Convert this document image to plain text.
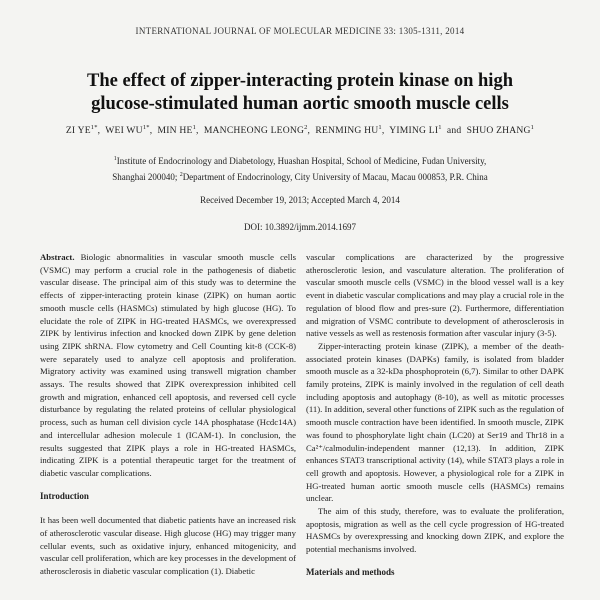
INTERNATIONAL JOURNAL OF MOLECULAR MEDICINE 33: 1305-1311, 2014
The effect of zipper-interacting protein kinase on high
glucose-stimulated human aortic smooth muscle cells
ZI $YE^{1*}$,  WEI $WU^{1*}$,  MIN $HE^1$,  MANCHEONG LEONG$^2$,  RENMING $HU^1$,  YIMING $LI^1$ and SHUO ZHANG$^1$
$^1$Institute of Endocrinology and Diabetology, Huashan Hospital, School of Medicine, Fudan University,
Shanghai 200040; $^2$Department of Endocrinology, City University of Macau, Macau 000853, P.R. China
Received December 19, 2013; Accepted March 4, 2014
DOI: 10.3892/ijmm.2014.1697

Abstract. Biologic abnormalities in vascular smooth muscle cells (VSMC) may perform a crucial role in the pathogenesis of diabetic vascular disease. The principal aim of this study was to determine the effects of zipper-interacting protein kinase (ZIPK) on human aortic smooth muscle cells (HASMCs) stimulated by high glucose (HG). To elucidate the role of ZIPK in HG-treated HASMCs, we overexpressed ZIPK by lentivirus infection and knocked down ZIPK by gene deletion using ZIPK shRNA. Flow cytometry and Cell Counting kit-8 (CCK-8) were separately used to analyze cell apoptosis and proliferation. Migratory activity was examined using transwell migration chamber assays. The results showed that ZIPK overexpression inhibited cell growth and migration, enhanced cell apoptosis, and reversed cell cycle disturbance by regulating the related proteins of cellular physiological process, such as human cell division cycle 14A phosphatase (Hcdc14A) and intercellular adhesion molecule 1 (ICAM-1). In conclusion, the results suggested that ZIPK plays a role in HG-treated HASMCs, indicating ZIPK is a potential therapeutic target for the treatment of diabetic vascular complications.

Introduction

It has been well documented that diabetic patients have an increased risk of atherosclerotic vascular disease. High glucose (HG) may trigger many cellular events, such as oxidative injury, enhanced mitogenicity, and vascular cell proliferation, which are key processes in the development of atherosclerosis in diabetic vascular complication (1). Diabetic

vascular complications are characterized by the progressive atherosclerotic lesion, and vasculature alteration. The proliferation of vascular smooth muscle cells (VSMC) in the blood vessel wall is a key event in diabetic vascular complications and may play a crucial role in the regulation of blood flow and pres-sure (2). Furthermore, differentiation and migration of VSMC contribute to development of atherosclerosis in native vessels as well as restenosis formation after vascular injury (3-5).

Zipper-interacting protein kinase (ZIPK), a member of the death-associated protein kinases (DAPKs) family, is isolated from bladder smooth muscle as a 32-kDa phosphoprotein (6,7). Similar to other DAPK family proteins, ZIPK is mainly involved in the regulation of cell death including apoptosis and autophagy (8-10), as well as mitotic processes (11). In addition, several other functions of ZIPK such as the regulation of smooth muscle contraction have been identified. In smooth muscle, ZIPK was found to phosphorylate light chain (LC20) at Ser19 and Thr18 in a Ca²⁺/calmodulin-independent manner (12,13). In addition, ZIPK enhances STAT3 transcriptional activity (14), while STAT3 plays a role in cell growth and apoptosis. However, a physiological role for a ZIPK in HG-treated human aortic smooth muscle cells (HASMCs) remains unclear.

The aim of this study, therefore, was to evaluate the proliferation, apoptosis, migration as well as the cell cycle progression of HG-treated HASMCs by overexpressing and knocking down ZIPK, and explore the potential mechanisms involved.

Materials and methods
